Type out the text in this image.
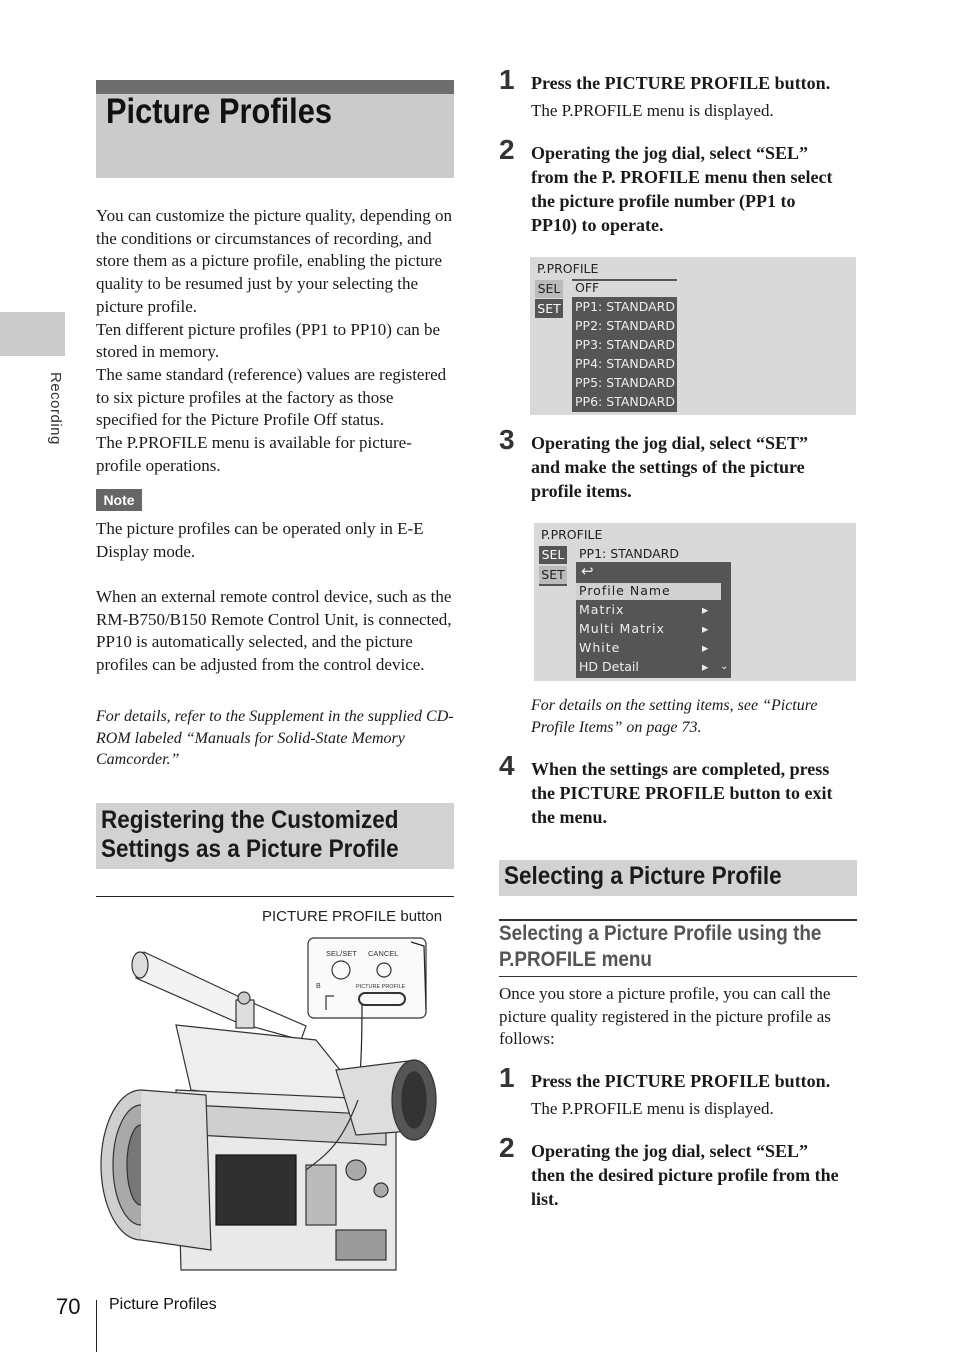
Recording
Picture Profiles
You can customize the picture quality, depending on the conditions or circumstances of recording, and store them as a picture profile, enabling the picture quality to be resumed just by your selecting the picture profile.
Ten different picture profiles (PP1 to PP10) can be stored in memory.
The same standard (reference) values are registered to six picture profiles at the factory as those specified for the Picture Profile Off status.
The P.PROFILE menu is available for picture-profile operations.
Note
The picture profiles can be operated only in E-E Display mode.
When an external remote control device, such as the RM-B750/B150 Remote Control Unit, is connected, PP10 is automatically selected, and the picture profiles can be adjusted from the control device.
For details, refer to the Supplement in the supplied CD-ROM labeled “Manuals for Solid-State Memory Camcorder.”
Registering the Customized
Settings as a Picture Profile
PICTURE PROFILE button
SEL/SET CANCEL
B	PICTURE PROFILE
1 Press the PICTURE PROFILE button.
The P.PROFILE menu is displayed.
2 Operating the jog dial, select “SEL”
from the P. PROFILE menu then select
the picture profile number (PP1 to
PP10) to operate.
P.PROFILE
SEL
SET
OFF
PP1: STANDARD
PP2: STANDARD
PP3: STANDARD
PP4: STANDARD
PP5: STANDARD
PP6: STANDARD
3 Operating the jog dial, select “SET”
and make the settings of the picture
profile items.
P.PROFILE
SEL
SET
PP1: STANDARD
↩
Profile Name
Matrix
Multi Matrix
White
HD Detail
▸
▸
▸
▸ ⌄
For details on the setting items, see “Picture Profile Items” on page 73.
4 When the settings are completed, press
the PICTURE PROFILE button to exit
the menu.
Selecting a Picture Profile
Selecting a Picture Profile using the
P.PROFILE menu
Once you store a picture profile, you can call the picture quality registered in the picture profile as follows:
1 Press the PICTURE PROFILE button.
The P.PROFILE menu is displayed.
2 Operating the jog dial, select “SEL”
then the desired picture profile from the
list.
70 Picture Profiles
